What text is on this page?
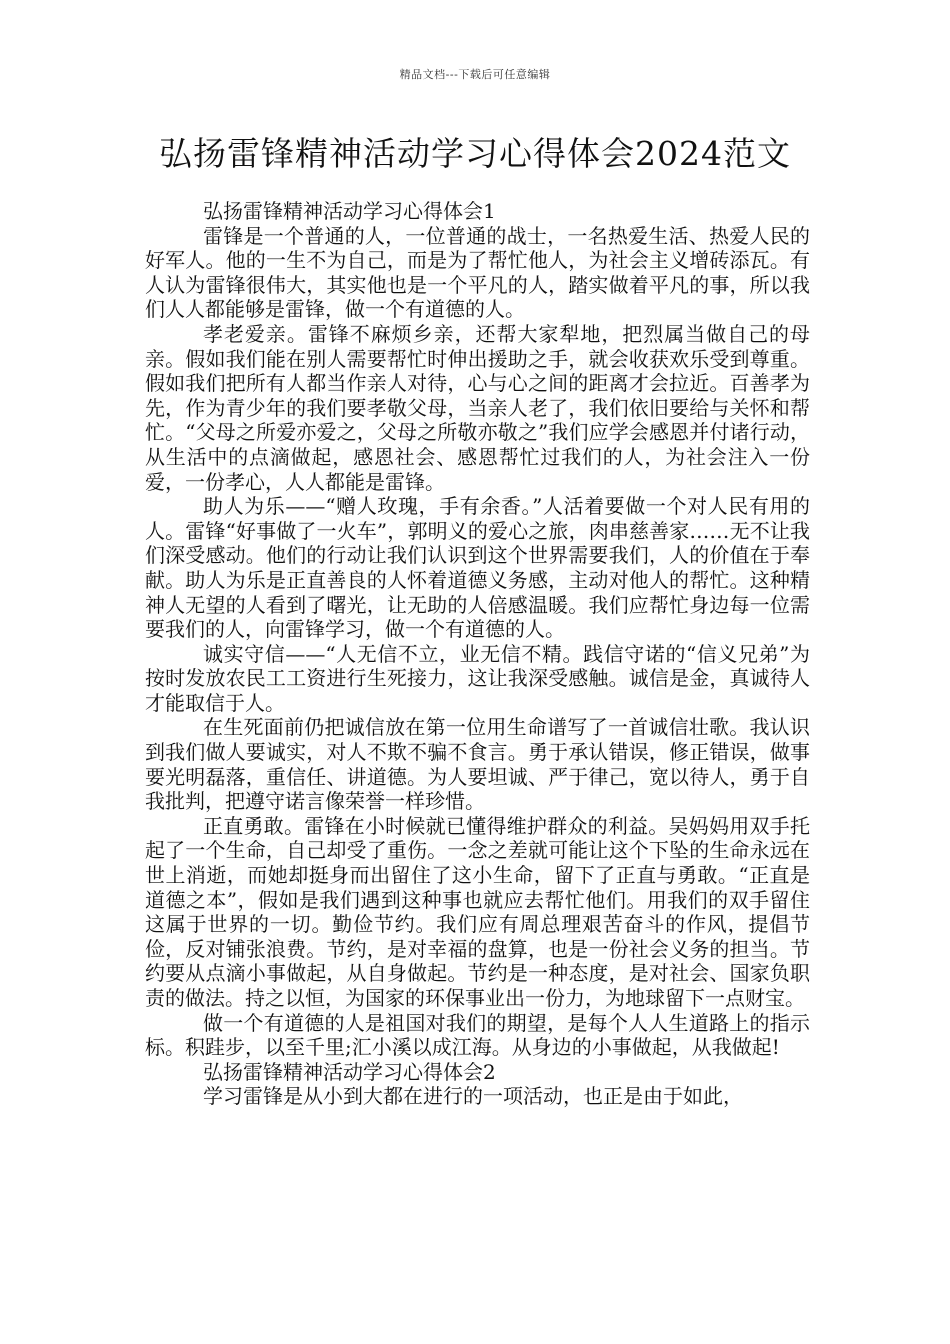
精品文档---下载后可任意编辑
弘扬雷锋精神活动学习心得体会2024范文

弘扬雷锋精神活动学习心得体会1

雷锋是一个普通的人，一位普通的战士，一名热爱生活、热爱人民的好军人。他的一生不为自己，而是为了帮忙他人，为社会主义增砖添瓦。有人认为雷锋很伟大，其实他也是一个平凡的人，踏实做着平凡的事，所以我们人人都能够是雷锋，做一个有道德的人。

孝老爱亲。雷锋不麻烦乡亲，还帮大家犁地，把烈属当做自己的母亲。假如我们能在别人需要帮忙时伸出援助之手，就会收获欢乐受到尊重。假如我们把所有人都当作亲人对待，心与心之间的距离才会拉近。百善孝为先，作为青少年的我们要孝敬父母，当亲人老了，我们依旧要给与关怀和帮忙。“父母之所爱亦爱之，父母之所敬亦敬之”我们应学会感恩并付诸行动，从生活中的点滴做起，感恩社会、感恩帮忙过我们的人，为社会注入一份爱，一份孝心，人人都能是雷锋。

助人为乐——“赠人玫瑰，手有余香。”人活着要做一个对人民有用的人。雷锋“好事做了一火车”，郭明义的爱心之旅，肉串慈善家……无不让我们深受感动。他们的行动让我们认识到这个世界需要我们，人的价值在于奉献。助人为乐是正直善良的人怀着道德义务感，主动对他人的帮忙。这种精神人无望的人看到了曙光，让无助的人倍感温暖。我们应帮忙身边每一位需要我们的人，向雷锋学习，做一个有道德的人。

诚实守信——“人无信不立，业无信不精。践信守诺的“信义兄弟”为按时发放农民工工资进行生死接力，这让我深受感触。诚信是金，真诚待人才能取信于人。

在生死面前仍把诚信放在第一位用生命谱写了一首诚信壮歌。我认识到我们做人要诚实，对人不欺不骗不食言。勇于承认错误，修正错误，做事要光明磊落，重信任、讲道德。为人要坦诚、严于律己，宽以待人，勇于自我批判，把遵守诺言像荣誉一样珍惜。

正直勇敢。雷锋在小时候就已懂得维护群众的利益。吴妈妈用双手托起了一个生命，自己却受了重伤。一念之差就可能让这个下坠的生命永远在世上消逝，而她却挺身而出留住了这小生命，留下了正直与勇敢。“正直是道德之本”，假如是我们遇到这种事也就应去帮忙他们。用我们的双手留住这属于世界的一切。勤俭节约。我们应有周总理艰苦奋斗的作风，提倡节俭，反对铺张浪费。节约，是对幸福的盘算，也是一份社会义务的担当。节约要从点滴小事做起，从自身做起。节约是一种态度，是对社会、国家负职责的做法。持之以恒，为国家的环保事业出一份力，为地球留下一点财宝。

做一个有道德的人是祖国对我们的期望，是每个人人生道路上的指示标。积跬步，以至千里;汇小溪以成江海。从身边的小事做起，从我做起!

弘扬雷锋精神活动学习心得体会2

学习雷锋是从小到大都在进行的一项活动，也正是由于如此，
